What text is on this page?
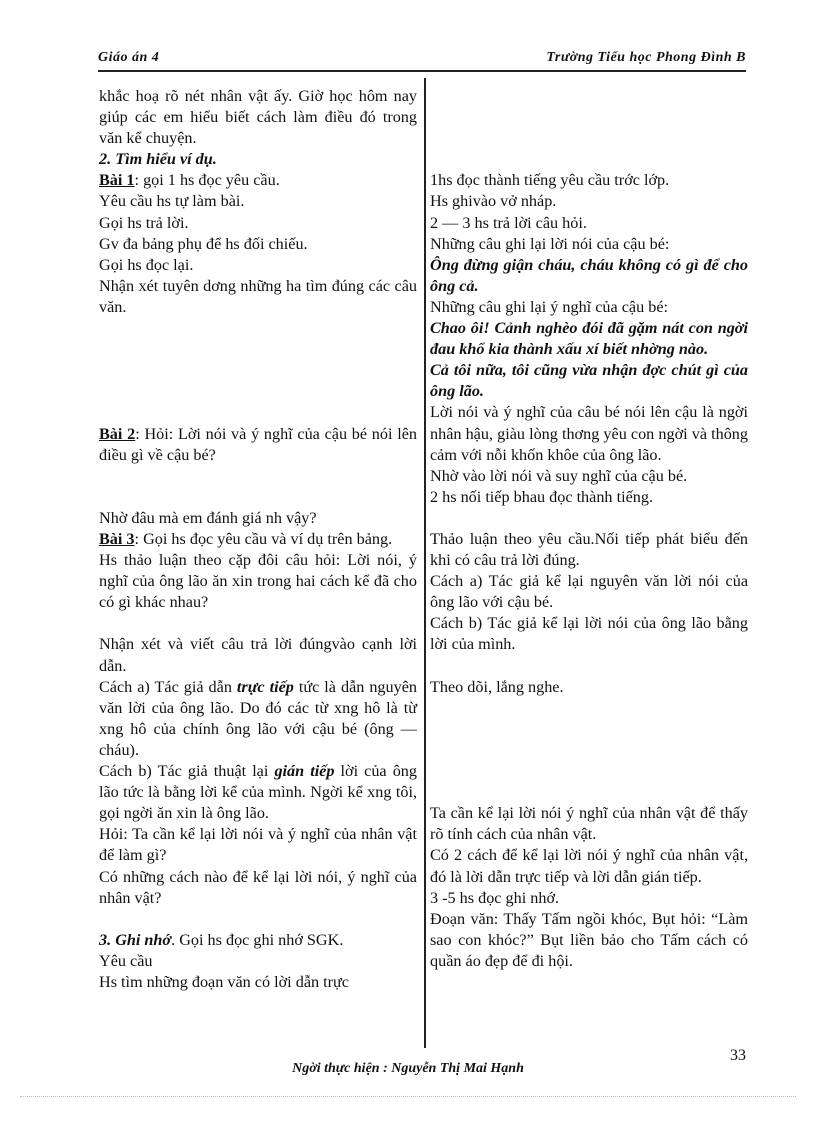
Giáo án 4	Trường Tiểu học Phong Đình B

khắc hoạ rõ nét nhân vật ấy. Giờ học hôm nay giúp các em hiểu biết cách làm điều đó trong văn kể chuyện.

2. Tìm hiểu ví dụ.

Bài 1: gọi 1 hs đọc yêu cầu.

Yêu cầu hs tự làm bài.

Gọi hs trả lời.

Gv đa bảng phụ để hs đối chiếu.

Gọi hs đọc lại.

Nhận xét tuyên dơng những ha tìm đúng các câu văn.

Bài 2: Hỏi: Lời nói và ý nghĩ của cậu bé nói lên điều gì về cậu bé?

Nhờ đâu mà em đánh giá nh vậy?

Bài 3: Gọi hs đọc yêu cầu và ví dụ trên bảng.

Hs thảo luận theo cặp đôi câu hỏi: Lời nói, ý nghĩ của ông lão ăn xin trong hai cách kể đã cho có gì khác nhau?

Nhận xét và viết câu trả lời đúngvào cạnh lời dẫn.

Cách a) Tác giả dẫn trực tiếp tức là dẫn nguyên văn lời của ông lão. Do đó các từ xng hô là từ xng hô của chính ông lão với cậu bé (ông — cháu).

Cách b) Tác giả thuật lại gián tiếp lời của ông lão tức là bằng lời kể của mình. Ngời kể xng tôi, gọi ngời ăn xin là ông lão.

Hỏi: Ta cần kể lại lời nói và ý nghĩ của nhân vật để làm gì?

Có những cách nào để kể lại lời nói, ý nghĩ của nhân vật?

3. Ghi nhớ. Gọi hs đọc ghi nhớ SGK.

Yêu cầu

Hs tìm những đoạn văn có lời dẫn trực

1hs đọc thành tiếng yêu cầu trớc lớp.

Hs ghivào vở nháp.

2 — 3 hs trả lời câu hỏi.

Những câu ghi lại lời nói của cậu bé:

Ông đừng giận cháu, cháu không có gì để cho ông cả.

Những câu ghi lại ý nghĩ của cậu bé:

Chao ôi! Cảnh nghèo đói đã gặm nát con ngời đau khổ kia thành xấu xí biết nhờng nào.

Cả tôi nữa, tôi cũng vừa nhận đợc chút gì của ông lão.

Lời nói và ý nghĩ của câu bé nói lên cậu là ngời nhân hậu, giàu lòng thơng yêu con ngời và thông cảm với nỗi khốn khôe của ông lão.

Nhờ vào lời nói và suy nghĩ của cậu bé.

2 hs nối tiếp bhau đọc thành tiếng.

Thảo luận theo yêu cầu.Nối tiếp phát biểu đến khi có câu trả lời đúng.

Cách a) Tác giả kể lại nguyên văn lời nói của ông lão với cậu bé.

Cách b) Tác giả kể lại lời nói của ông lão bằng lời của mình.

Theo dõi, lắng nghe.

Ta cần kể lại lời nói ý nghĩ của nhân vật để thấy rõ tính cách của nhân vật.

Có 2 cách để kể lại lời nói ý nghĩ của nhân vật, đó là lời dẫn trực tiếp và lời dẫn gián tiếp.

3 -5 hs đọc ghi nhớ.

Đoạn văn: Thấy Tấm ngồi khóc, Bụt hỏi: “Làm sao con khóc?” Bụt liền bảo cho Tấm cách có quần áo đẹp để đi hội.

33
Ngời thực hiện : Nguyễn Thị Mai Hạnh
